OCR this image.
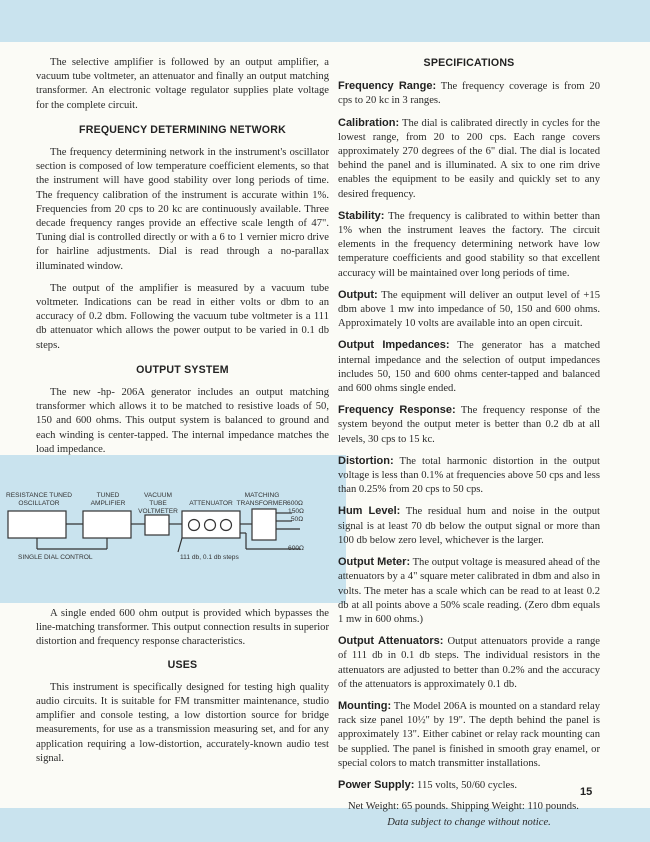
The selective amplifier is followed by an output amplifier, a vacuum tube voltmeter, an attenuator and finally an output matching transformer. An electronic voltage regulator supplies plate voltage for the complete circuit.

FREQUENCY DETERMINING NETWORK

The frequency determining network in the instrument's oscillator section is composed of low temperature coefficient elements, so that the instrument will have good stability over long periods of time. The frequency calibration of the instrument is accurate within 1%. Frequencies from 20 cps to 20 kc are continuously available. Three decade frequency ranges provide an effective scale length of 47". Tuning dial is controlled directly or with a 6 to 1 vernier micro drive for hairline adjustments. Dial is read through a no-parallax illuminated window.

The output of the amplifier is measured by a vacuum tube voltmeter. Indications can be read in either volts or dbm to an accuracy of 0.2 dbm. Following the vacuum tube voltmeter is a 111 db attenuator which allows the power output to be varied in 0.1 db steps.

OUTPUT SYSTEM

The new -hp- 206A generator includes an output matching transformer which allows it to be matched to resistive loads of 50, 150 and 600 ohms. This output system is balanced to ground and each winding is center-tapped. The internal impedance matches the load impedance.

RESISTANCE TUNED OSCILLATOR
TUNED AMPLIFIER
VACUUM TUBE VOLTMETER
ATTENUATOR
MATCHING TRANSFORMER 600Ω
150Ω
50Ω
600Ω
SINGLE DIAL CONTROL	111 db, 0.1 db steps

A single ended 600 ohm output is provided which bypasses the line-matching transformer. This output connection results in superior distortion and frequency response characteristics.

USES

This instrument is specifically designed for testing high quality audio circuits. It is suitable for FM transmitter maintenance, studio amplifier and console testing, a low distortion source for bridge measurements, for use as a transmission measuring set, and for any application requiring a low-distortion, accurately-known audio test signal.

SPECIFICATIONS

Frequency Range: The frequency coverage is from 20 cps to 20 kc in 3 ranges.

Calibration: The dial is calibrated directly in cycles for the lowest range, from 20 to 200 cps. Each range covers approximately 270 degrees of the 6" dial. The dial is located behind the panel and is illuminated. A six to one rim drive enables the equipment to be easily and quickly set to any desired frequency.

Stability: The frequency is calibrated to within better than 1% when the instrument leaves the factory. The circuit elements in the frequency determining network have low temperature coefficients and good stability so that excellent accuracy will be maintained over long periods of time.

Output: The equipment will deliver an output level of +15 dbm above 1 mw into impedance of 50, 150 and 600 ohms. Approximately 10 volts are available into an open circuit.

Output Impedances: The generator has a matched internal impedance and the selection of output impedances includes 50, 150 and 600 ohms center-tapped and balanced and 600 ohms single ended.

Frequency Response: The frequency response of the system beyond the output meter is better than 0.2 db at all levels, 30 cps to 15 kc.

Distortion: The total harmonic distortion in the output voltage is less than 0.1% at frequencies above 50 cps and less than 0.25% from 20 cps to 50 cps.

Hum Level: The residual hum and noise in the output signal is at least 70 db below the output signal or more than 100 db below zero level, whichever is the larger.

Output Meter: The output voltage is measured ahead of the attenuators by a 4" square meter calibrated in dbm and also in volts. The meter has a scale which can be read to at least 0.2 db at all points above a 50% scale reading. (Zero dbm equals 1 mw in 600 ohms.)

Output Attenuators: Output attenuators provide a range of 111 db in 0.1 db steps. The individual resistors in the attenuators are adjusted to better than 0.2% and the accuracy of the attenuators is approximately 0.1 db.

Mounting: The Model 206A is mounted on a standard relay rack size panel 10½" by 19". The depth behind the panel is approximately 13". Either cabinet or relay rack mounting can be supplied. The panel is finished in smooth gray enamel, or special colors to match transmitter installations.

Power Supply: 115 volts, 50/60 cycles.

Net Weight: 65 pounds. Shipping Weight: 110 pounds.

Data subject to change without notice.

15
